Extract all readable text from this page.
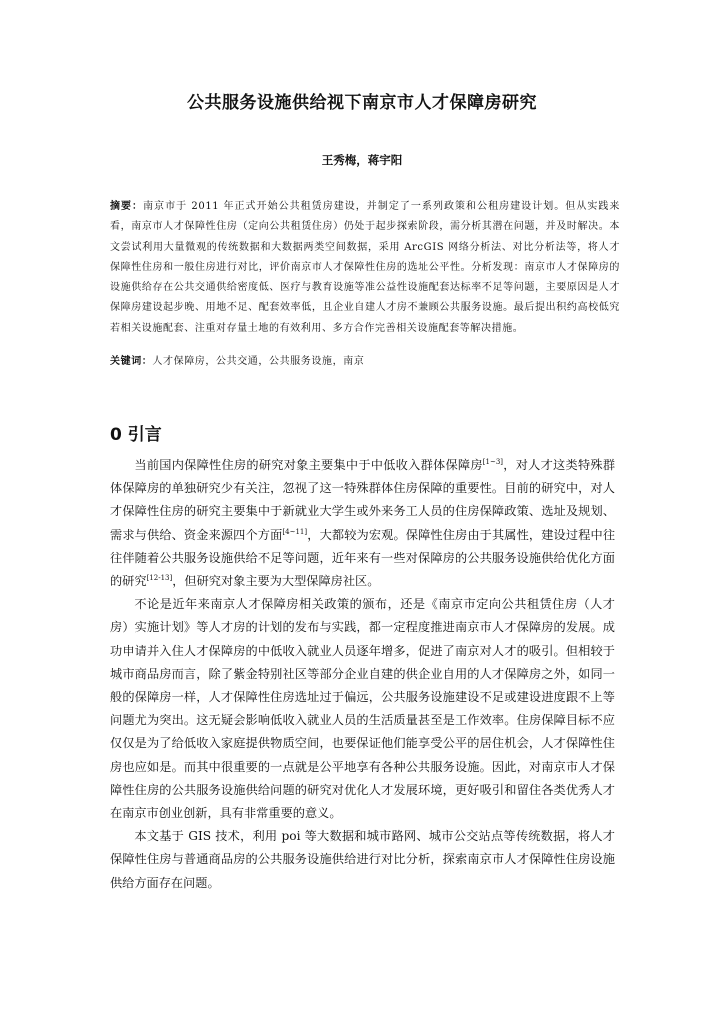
公共服务设施供给视下南京市人才保障房研究
王秀梅，蒋宇阳
摘要：南京市于 2011 年正式开始公共租赁房建设，并制定了一系列政策和公租房建设计划。但从实践来看，南京市人才保障性住房（定向公共租赁住房）仍处于起步探索阶段，需分析其潜在问题，并及时解决。本文尝试利用大量微观的传统数据和大数据两类空间数据，采用 ArcGIS 网络分析法、对比分析法等，将人才保障性住房和一般住房进行对比，评价南京市人才保障性住房的选址公平性。分析发现：南京市人才保障房的设施供给存在公共交通供给密度低、医疗与教育设施等准公益性设施配套达标率不足等问题，主要原因是人才保障房建设起步晚、用地不足、配套效率低，且企业自建人才房不兼顾公共服务设施。最后提出积约高校低究若相关设施配套、注重对存量土地的有效利用、多方合作完善相关设施配套等解决措施。
关键词：人才保障房，公共交通，公共服务设施，南京
0 引言

当前国内保障性住房的研究对象主要集中于中低收入群体保障房[1~3]，对人才这类特殊群体保障房的单独研究少有关注，忽视了这一特殊群体住房保障的重要性。目前的研究中，对人才保障性住房的研究主要集中于新就业大学生或外来务工人员的住房保障政策、选址及规划、需求与供给、资金来源四个方面[4~11]，大都较为宏观。保障性住房由于其属性，建设过程中往往伴随着公共服务设施供给不足等问题，近年来有一些对保障房的公共服务设施供给优化方面的研究[12-13]，但研究对象主要为大型保障房社区。

不论是近年来南京人才保障房相关政策的颁布，还是《南京市定向公共租赁住房（人才房）实施计划》等人才房的计划的发布与实践，都一定程度推进南京市人才保障房的发展。成功申请并入住人才保障房的中低收入就业人员逐年增多，促进了南京对人才的吸引。但相较于城市商品房而言，除了紫金特别社区等部分企业自建的供企业自用的人才保障房之外，如同一般的保障房一样，人才保障性住房选址过于偏远，公共服务设施建设不足或建设进度跟不上等问题尤为突出。这无疑会影响低收入就业人员的生活质量甚至是工作效率。住房保障目标不应仅仅是为了给低收入家庭提供物质空间，也要保证他们能享受公平的居住机会，人才保障性住房也应如是。而其中很重要的一点就是公平地享有各种公共服务设施。因此，对南京市人才保障性住房的公共服务设施供给问题的研究对优化人才发展环境，更好吸引和留住各类优秀人才在南京市创业创新，具有非常重要的意义。

本文基于 GIS 技术，利用 poi 等大数据和城市路网、城市公交站点等传统数据，将人才保障性住房与普通商品房的公共服务设施供给进行对比分析，探索南京市人才保障性住房设施供给方面存在问题。
